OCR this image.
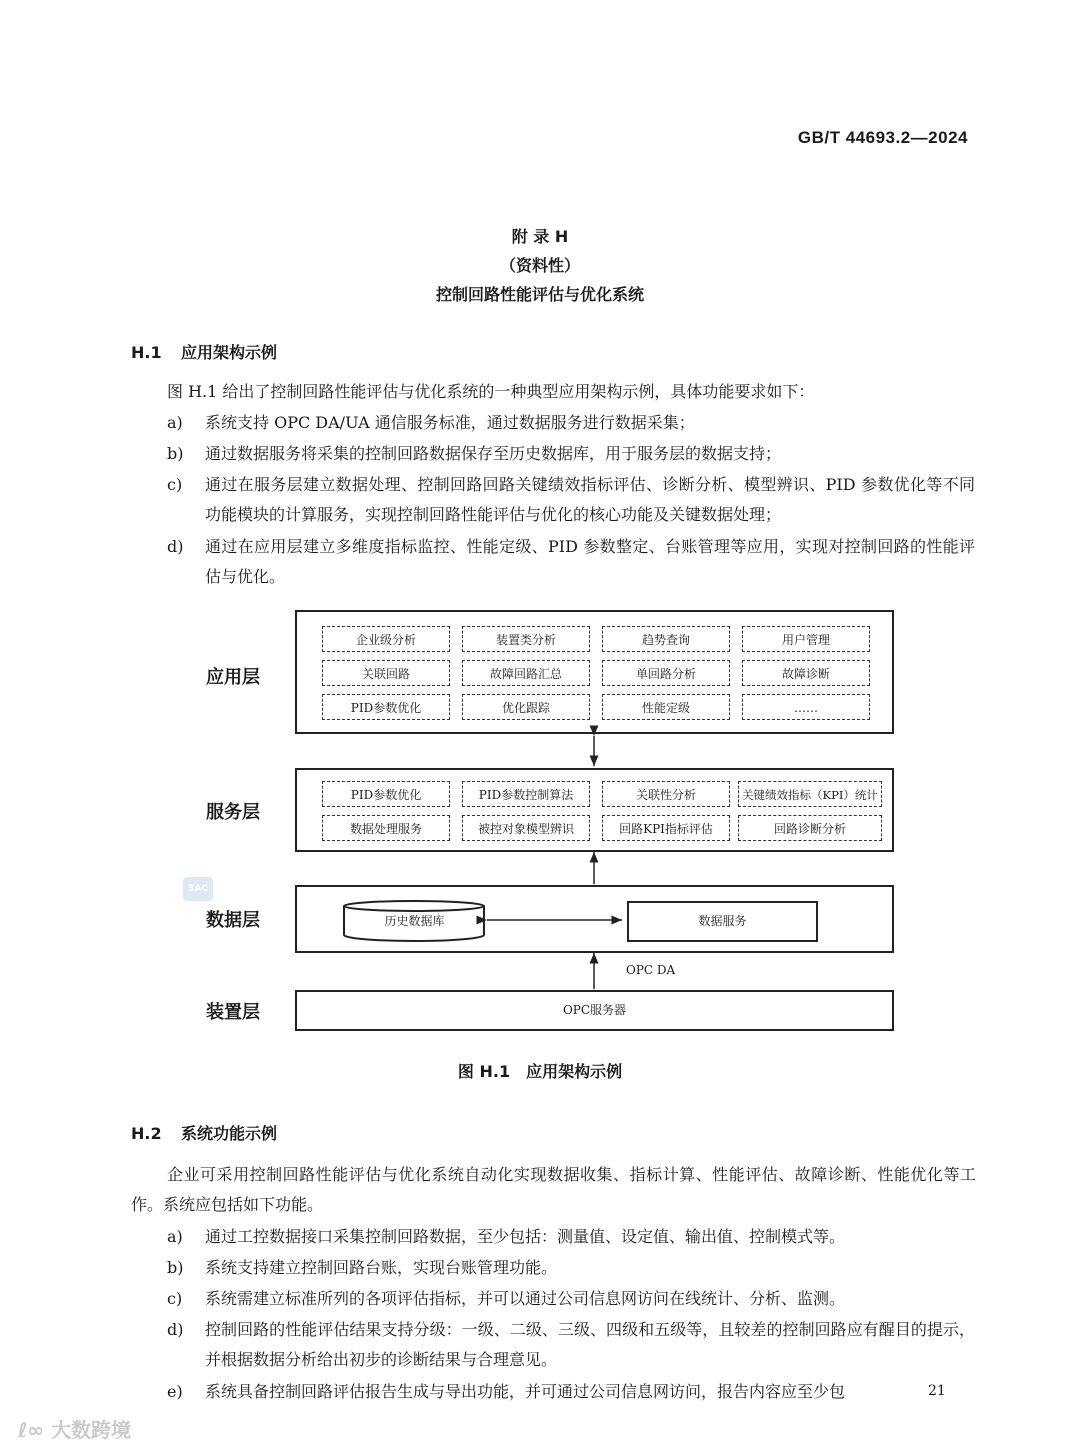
GB/T 44693.2—2024
附 录 H
（资料性）
控制回路性能评估与优化系统
H.1 应用架构示例
图 H.1 给出了控制回路性能评估与优化系统的一种典型应用架构示例，具体功能要求如下：
a)	系统支持 OPC DA/UA 通信服务标准，通过数据服务进行数据采集；
b)	通过数据服务将采集的控制回路数据保存至历史数据库，用于服务层的数据支持；
c)	通过在服务层建立数据处理、控制回路回路关键绩效指标评估、诊断分析、模型辨识、PID 参数优化等不同功能模块的计算服务，实现控制回路性能评估与优化的核心功能及关键数据处理；
d)	通过在应用层建立多维度指标监控、性能定级、PID 参数整定、台账管理等应用，实现对控制回路的性能评估与优化。
应用层
企业级分析	装置类分析	趋势查询	用户管理
关联回路	故障回路汇总	单回路分析	故障诊断
PID参数优化	优化跟踪	性能定级	……
服务层
PID参数优化	PID参数控制算法	关联性分析	关键绩效指标（KPI）统计
数据处理服务	被控对象模型辨识	回路KPI指标评估	回路诊断分析
SAC
数据层	历史数据库	数据服务
装置层	OPC服务器
OPC DA
图 H.1　应用架构示例
H.2 系统功能示例
企业可采用控制回路性能评估与优化系统自动化实现数据收集、指标计算、性能评估、故障诊断、性能优化等工作。系统应包括如下功能。
a)	通过工控数据接口采集控制回路数据，至少包括：测量值、设定值、输出值、控制模式等。
b)	系统支持建立控制回路台账，实现台账管理功能。
c)	系统需建立标准所列的各项评估指标，并可以通过公司信息网访问在线统计、分析、监测。
d)	控制回路的性能评估结果支持分级：一级、二级、三级、四级和五级等，且较差的控制回路应有醒目的提示，并根据数据分析给出初步的诊断结果与合理意见。
e)	系统具备控制回路评估报告生成与导出功能，并可通过公司信息网访问，报告内容应至少包	21
ℓ∞ 大数跨境
